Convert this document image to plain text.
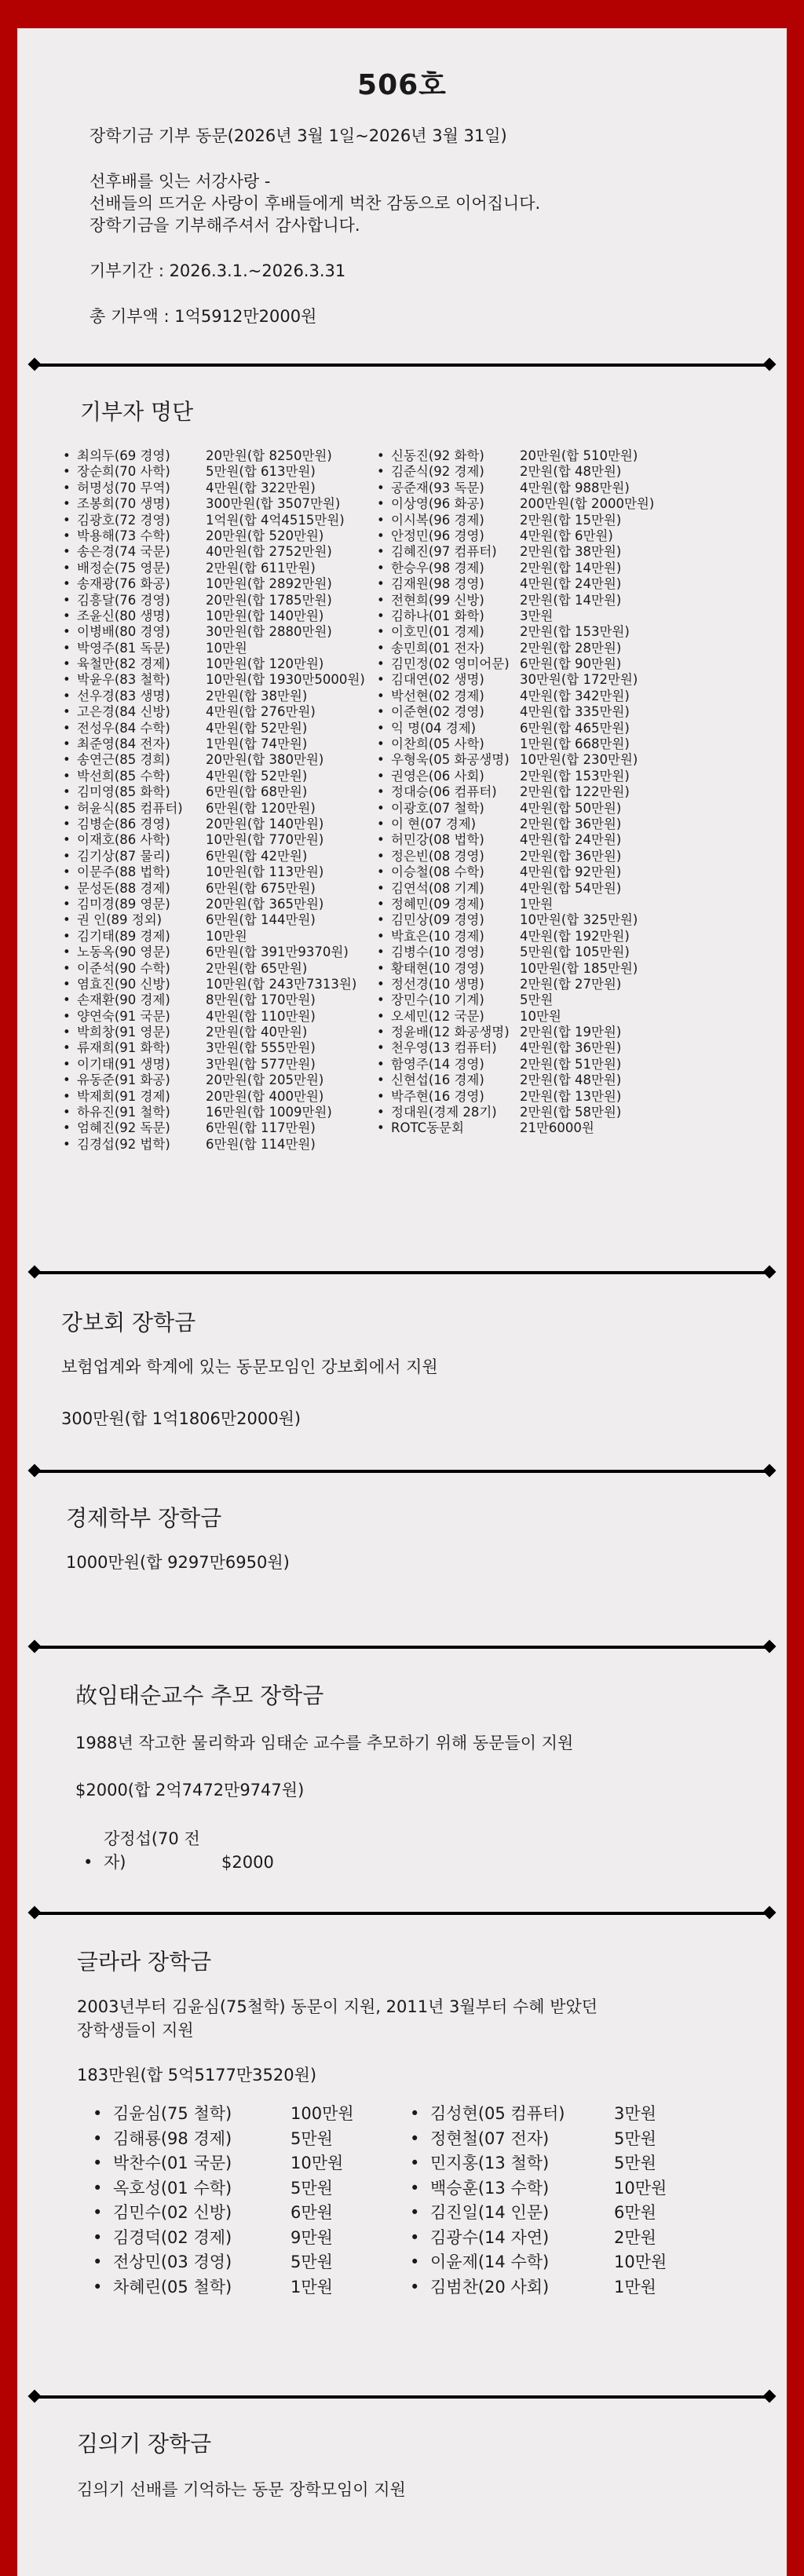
506호

장학기금 기부 동문(2026년 3월 1일~2026년 3월 31일)

선후배를 잇는 서강사랑 -
선배들의 뜨거운 사랑이 후배들에게 벅찬 감동으로 이어집니다.
장학기금을 기부해주셔서 감사합니다.

기부기간 : 2026.3.1.~2026.3.31

총 기부액 : 1억5912만2000원

기부자 명단
• 최의두(69 경영)	20만원(합 8250만원)
• 장순희(70 사학)	5만원(합 613만원)
• 허명성(70 무역)	4만원(합 322만원)
• 조봉희(70 생명)	300만원(합 3507만원)
• 김광호(72 경영)	1억원(합 4억4515만원)
• 박용해(73 수학)	20만원(합 520만원)
• 송은경(74 국문)	40만원(합 2752만원)
• 배정순(75 영문)	2만원(합 611만원)
• 송재광(76 화공)	10만원(합 2892만원)
• 김흥달(76 경영)	20만원(합 1785만원)
• 조윤신(80 생명)	10만원(합 140만원)
• 이병배(80 경영)	30만원(합 2880만원)
• 박영주(81 독문)	10만원
• 육철만(82 경제)	10만원(합 120만원)
• 박윤우(83 철학)	10만원(합 1930만5000원)
• 선우경(83 생명)	2만원(합 38만원)
• 고은경(84 신방)	4만원(합 276만원)
• 전성우(84 수학)	4만원(합 52만원)
• 최준영(84 전자)	1만원(합 74만원)
• 송연근(85 경희)	20만원(합 380만원)
• 박선희(85 수학)	4만원(합 52만원)
• 김미영(85 화학)	6만원(합 68만원)
• 허윤식(85 컴퓨터) 6만원(합 120만원)
• 김병순(86 경영)	20만원(합 140만원)
• 이재호(86 사학)	10만원(합 770만원)
• 김기상(87 물리)	6만원(합 42만원)
• 이문주(88 법학)	10만원(합 113만원)
• 문성돈(88 경제)	6만원(합 675만원)
• 김미경(89 영문)	20만원(합 365만원)
• 권 인(89 정외)	6만원(합 144만원)
• 김기태(89 경제)	10만원
• 노동옥(90 영문)	6만원(합 391만9370원)
• 이준석(90 수학)	2만원(합 65만원)
• 염효진(90 신방)	10만원(합 243만7313원)
• 손재환(90 경제)	8만원(합 170만원)
• 양연숙(91 국문)	4만원(합 110만원)
• 박희창(91 영문)	2만원(합 40만원)
• 류재희(91 화학)	3만원(합 555만원)
• 이기태(91 생명)	3만원(합 577만원)
• 유동준(91 화공)	20만원(합 205만원)
• 박제희(91 경제)	20만원(합 400만원)
• 하유진(91 철학)	16만원(합 1009만원)
• 엄혜진(92 독문)	6만원(합 117만원)
• 김경섭(92 법학)	6만원(합 114만원)
• 신동진(92 화학)	20만원(합 510만원)
• 김준식(92 경제)	2만원(합 48만원)
• 공준재(93 독문)	4만원(합 988만원)
• 이상영(96 화공)	200만원(합 2000만원)
• 이시복(96 경제)	2만원(합 15만원)
• 안정민(96 경영)	4만원(합 6만원)
• 김혜진(97 컴퓨터) 2만원(합 38만원)
• 한승우(98 경제)	2만원(합 14만원)
• 김재원(98 경영)	4만원(합 24만원)
• 전현희(99 신방)	2만원(합 14만원)
• 김하나(01 화학)	3만원
• 이호민(01 경제)	2만원(합 153만원)
• 송민희(01 전자)	2만원(합 28만원)
• 김민정(02 영미어문) 6만원(합 90만원)
• 김대연(02 생명)	30만원(합 172만원)
• 박선현(02 경제)	4만원(합 342만원)
• 이준현(02 경영)	4만원(합 335만원)
• 익 명(04 경제)	6만원(합 465만원)
• 이찬희(05 사학)	1만원(합 668만원)
• 우형욱(05 화공생명) 10만원(합 230만원)
• 권영은(06 사회)	2만원(합 153만원)
• 정대승(06 컴퓨터) 2만원(합 122만원)
• 이광호(07 철학)	4만원(합 50만원)
• 이 현(07 경제)	2만원(합 36만원)
• 허민강(08 법학)	4만원(합 24만원)
• 정은빈(08 경영)	2만원(합 36만원)
• 이승철(08 수학)	4만원(합 92만원)
• 김연석(08 기계)	4만원(합 54만원)
• 정혜민(09 경제)	1만원
• 김민상(09 경영)	10만원(합 325만원)
• 박효은(10 경제)	4만원(합 192만원)
• 김병수(10 경영)	5만원(합 105만원)
• 황태현(10 경영)	10만원(합 185만원)
• 정선경(10 생명)	2만원(합 27만원)
• 장민수(10 기계)	5만원
• 오세민(12 국문)	10만원
• 정윤배(12 화공생명) 2만원(합 19만원)
• 천우영(13 컴퓨터) 4만원(합 36만원)
• 함영주(14 경영)	2만원(합 51만원)
• 신현섭(16 경제)	2만원(합 48만원)
• 박주현(16 경영)	2만원(합 13만원)
• 정대원(경제 28기) 2만원(합 58만원)
• ROTC동문회	21만6000원
강보회 장학금

보험업계와 학계에 있는 동문모임인 강보회에서 지원

300만원(합 1억1806만2000원)

경제학부 장학금

1000만원(합 9297만6950원)

故임태순교수 추모 장학금

1988년 작고한 물리학과 임태순 교수를 추모하기 위해 동문들이 지원

$2000(합 2억7472만9747원)

•강정섭(70 전자)	$2000

글라라 장학금

2003년부터 김윤심(75철학) 동문이 지원, 2011년 3월부터 수혜 받았던
장학생들이 지원

183만원(합 5억5177만3520원)

• 김윤심(75 철학)	100만원
• 김해룡(98 경제)	5만원
• 박찬수(01 국문)	10만원
• 옥호성(01 수학)	5만원
• 김민수(02 신방)	6만원
• 김경덕(02 경제)	9만원
• 전상민(03 경영)	5만원
• 차혜린(05 철학)	1만원
• 김성현(05 컴퓨터)	3만원
• 정현철(07 전자)	5만원
• 민지홍(13 철학)	5만원
• 백승훈(13 수학)	10만원
• 김진일(14 인문)	6만원
• 김광수(14 자연)	2만원
• 이윤제(14 수학)	10만원
• 김범찬(20 사회)	1만원
김의기 장학금

김의기 선배를 기억하는 동문 장학모임이 지원
